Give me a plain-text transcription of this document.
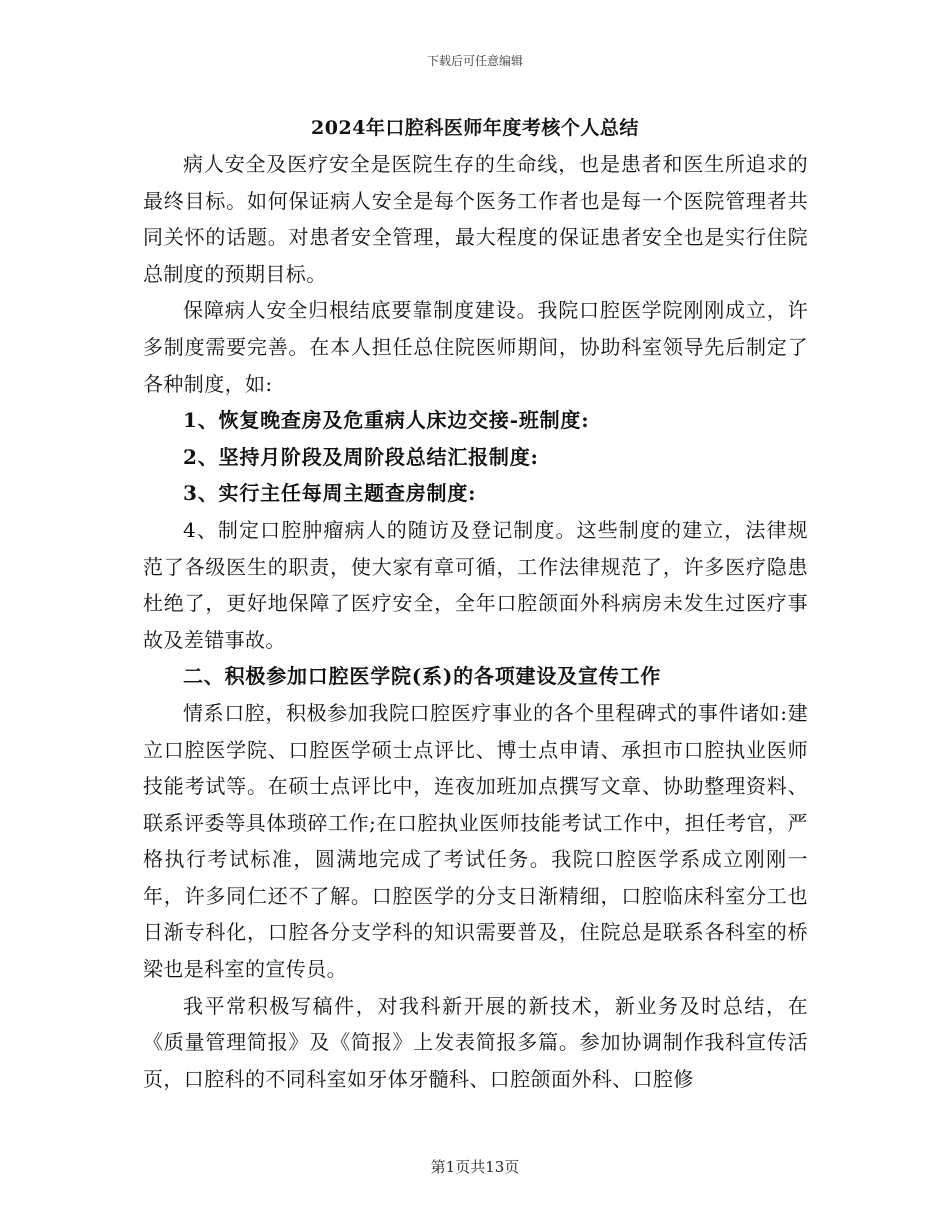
下载后可任意编辑
2024年口腔科医师年度考核个人总结

病人安全及医疗安全是医院生存的生命线，也是患者和医生所追求的最终目标。如何保证病人安全是每个医务工作者也是每一个医院管理者共同关怀的话题。对患者安全管理，最大程度的保证患者安全也是实行住院总制度的预期目标。

保障病人安全归根结底要靠制度建设。我院口腔医学院刚刚成立，许多制度需要完善。在本人担任总住院医师期间，协助科室领导先后制定了各种制度，如:

1、恢复晚查房及危重病人床边交接-班制度:

2、坚持月阶段及周阶段总结汇报制度:

3、实行主任每周主题查房制度:

4、制定口腔肿瘤病人的随访及登记制度。这些制度的建立，法律规范了各级医生的职责，使大家有章可循，工作法律规范了，许多医疗隐患杜绝了，更好地保障了医疗安全，全年口腔颌面外科病房未发生过医疗事故及差错事故。

二、积极参加口腔医学院(系)的各项建设及宣传工作

情系口腔，积极参加我院口腔医疗事业的各个里程碑式的事件诸如:建立口腔医学院、口腔医学硕士点评比、博士点申请、承担市口腔执业医师技能考试等。在硕士点评比中，连夜加班加点撰写文章、协助整理资料、联系评委等具体琐碎工作;在口腔执业医师技能考试工作中，担任考官，严格执行考试标准，圆满地完成了考试任务。我院口腔医学系成立刚刚一年，许多同仁还不了解。口腔医学的分支日渐精细，口腔临床科室分工也日渐专科化，口腔各分支学科的知识需要普及，住院总是联系各科室的桥梁也是科室的宣传员。

我平常积极写稿件，对我科新开展的新技术，新业务及时总结，在《质量管理简报》及《简报》上发表简报多篇。参加协调制作我科宣传活页，口腔科的不同科室如牙体牙髓科、口腔颌面外科、口腔修

第1页共13页
